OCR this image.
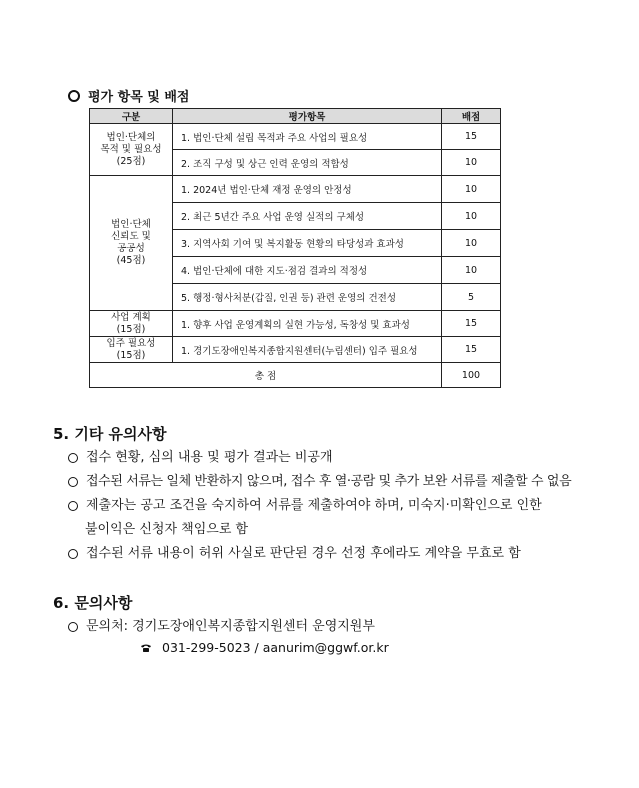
평가 항목 및 배점
구분	평가항목	배점

법인·단체의
목적 및 필요성
(25점)	1. 법인·단체 설립 목적과 주요 사업의 필요성	15
	2. 조직 구성 및 상근 인력 운영의 적합성	10

법인·단체
신뢰도 및
공공성
(45점)	1. 2024년 법인·단체 재정 운영의 안정성	10
	2. 최근 5년간 주요 사업 운영 실적의 구체성	10
	3. 지역사회 기여 및 복지활동 현황의 타당성과 효과성	10
	4. 법인·단체에 대한 지도·점검 결과의 적정성	10
	5. 행정·형사처분(갑질, 인권 등) 관련 운영의 건전성	5

사업 계획
(15점)	1. 향후 사업 운영계획의 실현 가능성, 독창성 및 효과성	15

입주 필요성
(15점)	1. 경기도장애인복지종합지원센터(누림센터) 입주 필요성	15
총 점		100
5. 기타 유의사항
접수 현황, 심의 내용 및 평가 결과는 비공개
접수된 서류는 일체 반환하지 않으며, 접수 후 열·공람 및 추가 보완 서류를 제출할 수 없음
제출자는 공고 조건을 숙지하여 서류를 제출하여야 하며, 미숙지·미확인으로 인한
불이익은 신청자 책임으로 함
접수된 서류 내용이 허위 사실로 판단된 경우 선정 후에라도 계약을 무효로 함
6. 문의사항
문의처: 경기도장애인복지종합지원센터 운영지원부
031-299-5023 / aanurim@ggwf.or.kr
